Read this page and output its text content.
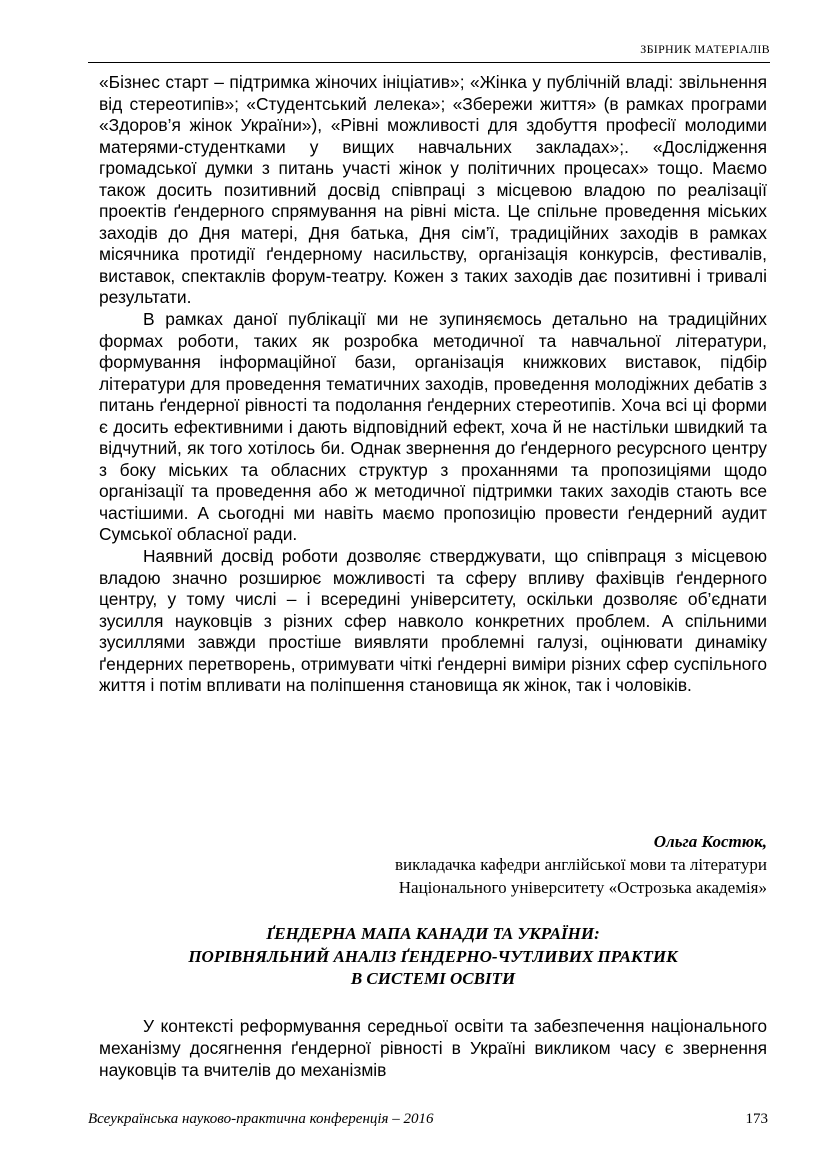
ЗБІРНИК МАТЕРІАЛІВ

«Бізнес старт – підтримка жіночих ініціатив»; «Жінка у публічній владі: звільнення від стереотипів»; «Студентський лелека»; «Збережи життя» (в рамках програми «Здоров’я жінок України»), «Рівні можливості для здобуття професії молодими матерями-студентками у вищих навчальних закладах»;. «Дослідження громадської думки з питань участі жінок у політичних процесах» тощо. Маємо також досить позитивний досвід співпраці з місцевою владою по реалізації проектів ґендерного спрямування на рівні міста. Це спільне проведення міських заходів до Дня матері, Дня батька, Дня сім’ї, традиційних заходів в рамках місячника протидії ґендерному насильству, організація конкурсів, фестивалів, виставок, спектаклів форум-театру. Кожен з таких заходів дає позитивні і тривалі результати.

В рамках даної публікації ми не зупиняємось детально на традиційних формах роботи, таких як розробка методичної та навчальної літератури, формування інформаційної бази, організація книжкових виставок, підбір літератури для проведення тематичних заходів, проведення молодіжних дебатів з питань ґендерної рівності та подолання ґендерних стереотипів. Хоча всі ці форми є досить ефективними і дають відповідний ефект, хоча й не настільки швидкий та відчутний, як того хотілось би. Однак звернення до ґендерного ресурсного центру з боку міських та обласних структур з проханнями та пропозиціями щодо організації та проведення або ж методичної підтримки таких заходів стають все частішими. А сьогодні ми навіть маємо пропозицію провести ґендерний аудит Сумської обласної ради.

Наявний досвід роботи дозволяє стверджувати, що співпраця з місцевою владою значно розширює можливості та сферу впливу фахівців ґендерного центру, у тому числі – і всередині університету, оскільки дозволяє об’єднати зусилля науковців з різних сфер навколо конкретних проблем. А спільними зусиллями завжди простіше виявляти проблемні галузі, оцінювати динаміку ґендерних перетворень, отримувати чіткі ґендерні виміри різних сфер суспільного життя і потім впливати на поліпшення становища як жінок, так і чоловіків.

Ольга Костюк,
викладачка кафедри англійської мови та літератури
Національного університету «Острозька академія»
ҐЕНДЕРНА МАПА КАНАДИ ТА УКРАЇНИ:
ПОРІВНЯЛЬНИЙ АНАЛІЗ ҐЕНДЕРНО-ЧУТЛИВИХ ПРАКТИК
В СИСТЕМІ ОСВІТИ

У контексті реформування середньої освіти та забезпечення національного механізму досягнення ґендерної рівності в Україні викликом часу є звернення науковців та вчителів до механізмів

Всеукраїнська науково-практична конференція – 2016	173
